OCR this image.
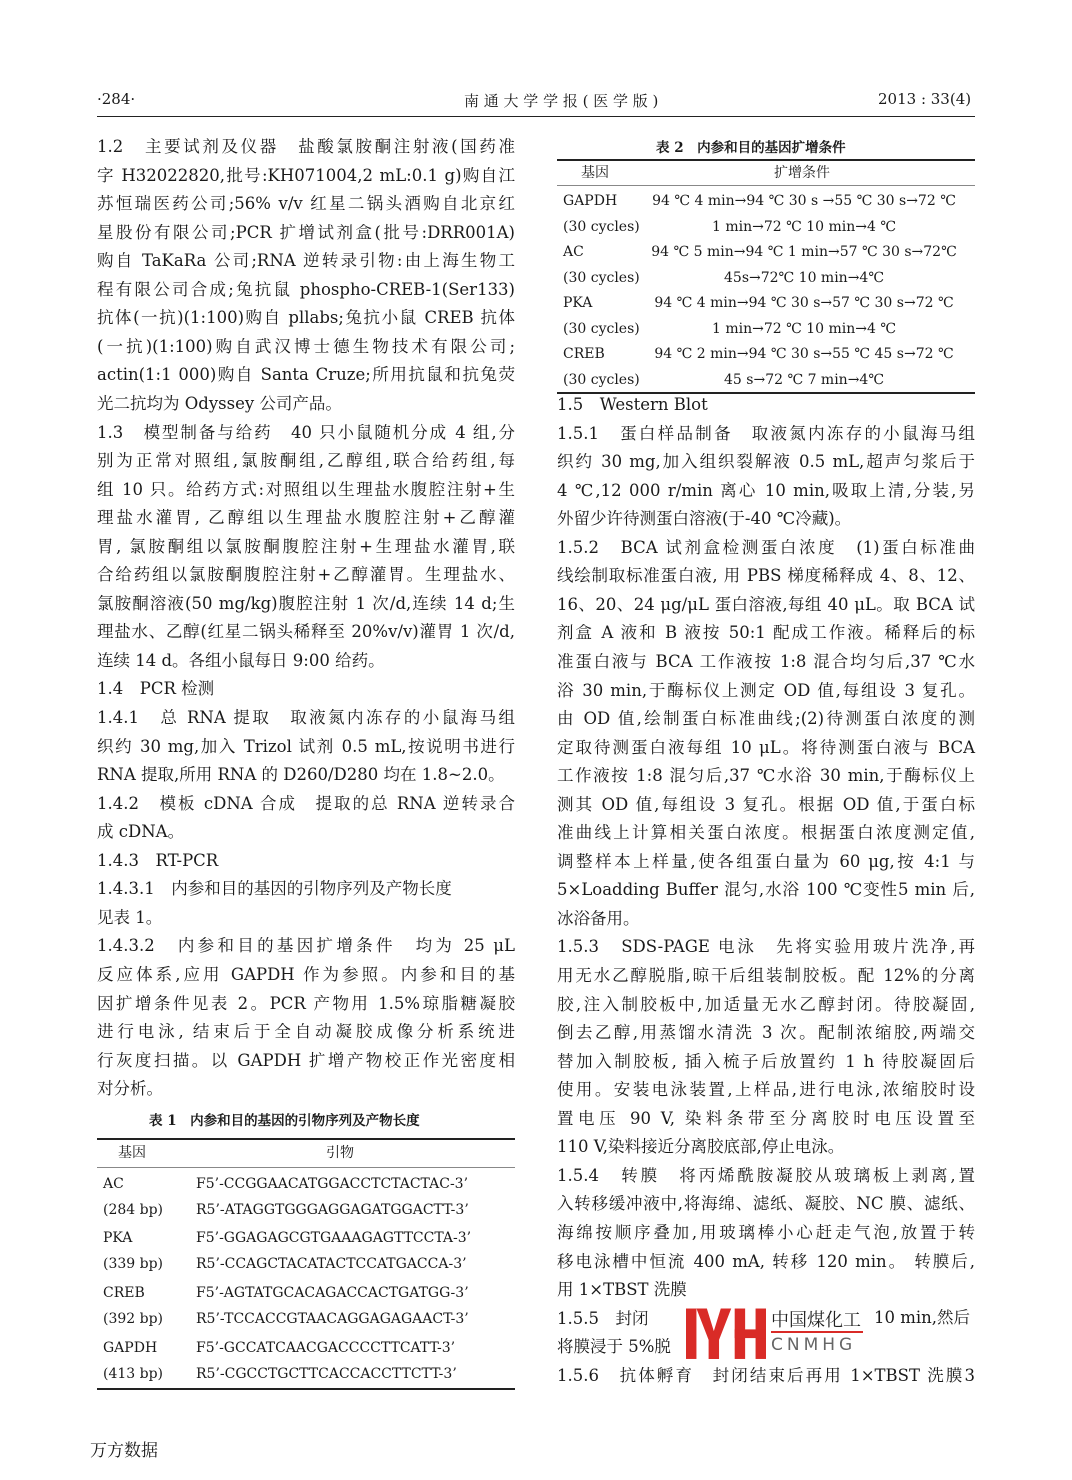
·284·	南 通 大 学 学 报 ( 医 学 版 )	2013 : 33(4)
1.2　主要试剂及仪器　盐酸氯胺酮注射液(国药准
字 H32022820,批号:KH071004,2 mL:0.1 g)购自江
苏恒瑞医药公司;56% v/v 红星二锅头酒购自北京红
星股份有限公司;PCR 扩增试剂盒(批号:DRR001A)
购自 TaKaRa 公司;RNA 逆转录引物:由上海生物工
程有限公司合成;兔抗鼠 phospho-CREB-1(Ser133)
抗体(一抗)(1:100)购自 pllabs;兔抗小鼠 CREB 抗体
(一抗)(1:100)购自武汉博士德生物技术有限公司;
actin(1:1 000)购自 Santa Cruze;所用抗鼠和抗兔荧
光二抗均为 Odyssey 公司产品。
1.3　模型制备与给药　40 只小鼠随机分成 4 组,分
别为正常对照组,氯胺酮组,乙醇组,联合给药组,每
组 10 只。给药方式:对照组以生理盐水腹腔注射+生
理盐水灌胃, 乙醇组以生理盐水腹腔注射+乙醇灌
胃, 氯胺酮组以氯胺酮腹腔注射+生理盐水灌胃,联
合给药组以氯胺酮腹腔注射+乙醇灌胃。生理盐水、
氯胺酮溶液(50 mg/kg)腹腔注射 1 次/d,连续 14 d;生
理盐水、乙醇(红星二锅头稀释至 20%v/v)灌胃 1 次/d,
连续 14 d。各组小鼠每日 9:00 给药。
1.4　PCR 检测
1.4.1　总 RNA 提取　取液氮内冻存的小鼠海马组
织约 30 mg,加入 Trizol 试剂 0.5 mL,按说明书进行
RNA 提取,所用 RNA 的 D260/D280 均在 1.8~2.0。
1.4.2　模板 cDNA 合成　提取的总 RNA 逆转录合
成 cDNA。
1.4.3　RT-PCR
1.4.3.1　内参和目的基因的引物序列及产物长度
见表 1。
1.4.3.2　内参和目的基因扩增条件　均为 25 μL
反应体系,应用 GAPDH 作为参照。内参和目的基
因扩增条件见表 2。PCR 产物用 1.5%琼脂糖凝胶
进行电泳, 结束后于全自动凝胶成像分析系统进
行灰度扫描。以 GAPDH 扩增产物校正作光密度相
对分析。
1.5　Western Blot
1.5.1　蛋白样品制备　取液氮内冻存的小鼠海马组
织约 30 mg,加入组织裂解液 0.5 mL,超声匀浆后于
4 ℃,12 000 r/min 离心 10 min,吸取上清,分装,另
外留少许待测蛋白溶液(于-40 ℃冷藏)。
1.5.2　BCA 试剂盒检测蛋白浓度　(1)蛋白标准曲
线绘制取标准蛋白液, 用 PBS 梯度稀释成 4、8、12、
16、20、24 μg/μL 蛋白溶液,每组 40 μL。取 BCA 试
剂盒 A 液和 B 液按 50:1 配成工作液。稀释后的标
准蛋白液与 BCA 工作液按 1:8 混合均匀后,37 ℃水
浴 30 min,于酶标仪上测定 OD 值,每组设 3 复孔。
由 OD 值,绘制蛋白标准曲线;(2)待测蛋白浓度的测
定取待测蛋白液每组 10 μL。将待测蛋白液与 BCA
工作液按 1:8 混匀后,37 ℃水浴 30 min,于酶标仪上
测其 OD 值,每组设 3 复孔。根据 OD 值,于蛋白标
准曲线上计算相关蛋白浓度。根据蛋白浓度测定值,
调整样本上样量,使各组蛋白量为 60 μg,按 4:1 与
5×Loadding Buffer 混匀,水浴 100 ℃变性5 min 后,
冰浴备用。
1.5.3　SDS-PAGE 电泳　先将实验用玻片洗净,再
用无水乙醇脱脂,晾干后组装制胶板。配 12%的分离
胶,注入制胶板中,加适量无水乙醇封闭。待胶凝固,
倒去乙醇,用蒸馏水清洗 3 次。配制浓缩胶,两端交
替加入制胶板, 插入梳子后放置约 1 h 待胶凝固后
使用。安装电泳装置,上样品,进行电泳,浓缩胶时设
置电压 90 V, 染料条带至分离胶时电压设置至
110 V,染料接近分离胶底部,停止电泳。
1.5.4　转膜　将丙烯酰胺凝胶从玻璃板上剥离,置
入转移缓冲液中,将海绵、滤纸、凝胶、NC 膜、滤纸、
海绵按顺序叠加,用玻璃棒小心赶走气泡,放置于转
移电泳槽中恒流 400 mA, 转移 120 min。 转膜后,
用 1×TBST 洗膜
1.5.5　封闭
将膜浸于 5%脱
1.5.6　抗体孵育　封闭结束后再用 1×TBST 洗膜3
表 1　内参和目的基因的引物序列及产物长度
基因	引物
AC	F5’-CCGGAACATGGACCTCTACTAC-3’
(284 bp) R5’-ATAGGTGGGAGGAGATGGACTT-3’
PKA	F5’-GGAGAGCGTGAAAGAGTTCCTA-3’
(339 bp) R5’-CCAGCTACATACTCCATGACCA-3’
CREB	F5’-AGTATGCACAGACCACTGATGG-3’
(392 bp) R5’-TCCACCGTAACAGGAGAGAACT-3’
GAPDH	F5’-GCCATCAACGACCCCTTCATT-3’
(413 bp) R5’-CGCCTGCTTCACCACCTTCTT-3’
表 2　内参和目的基因扩增条件
基因	扩增条件
GAPDH 94 ℃ 4 min→94 ℃ 30 s →55 ℃ 30 s→72 ℃
(30 cycles)	1 min→72 ℃ 10 min→4 ℃
AC	94 ℃ 5 min→94 ℃ 1 min→57 ℃ 30 s→72℃
(30 cycles)	45s→72℃ 10 min→4℃
PKA	94 ℃ 4 min→94 ℃ 30 s→57 ℃ 30 s→72 ℃
(30 cycles)	1 min→72 ℃ 10 min→4 ℃
CREB	94 ℃ 2 min→94 ℃ 30 s→55 ℃ 45 s→72 ℃
(30 cycles)	45 s→72 ℃ 7 min→4℃
10 min,然后
中国煤化工
CNMHG
万方数据
